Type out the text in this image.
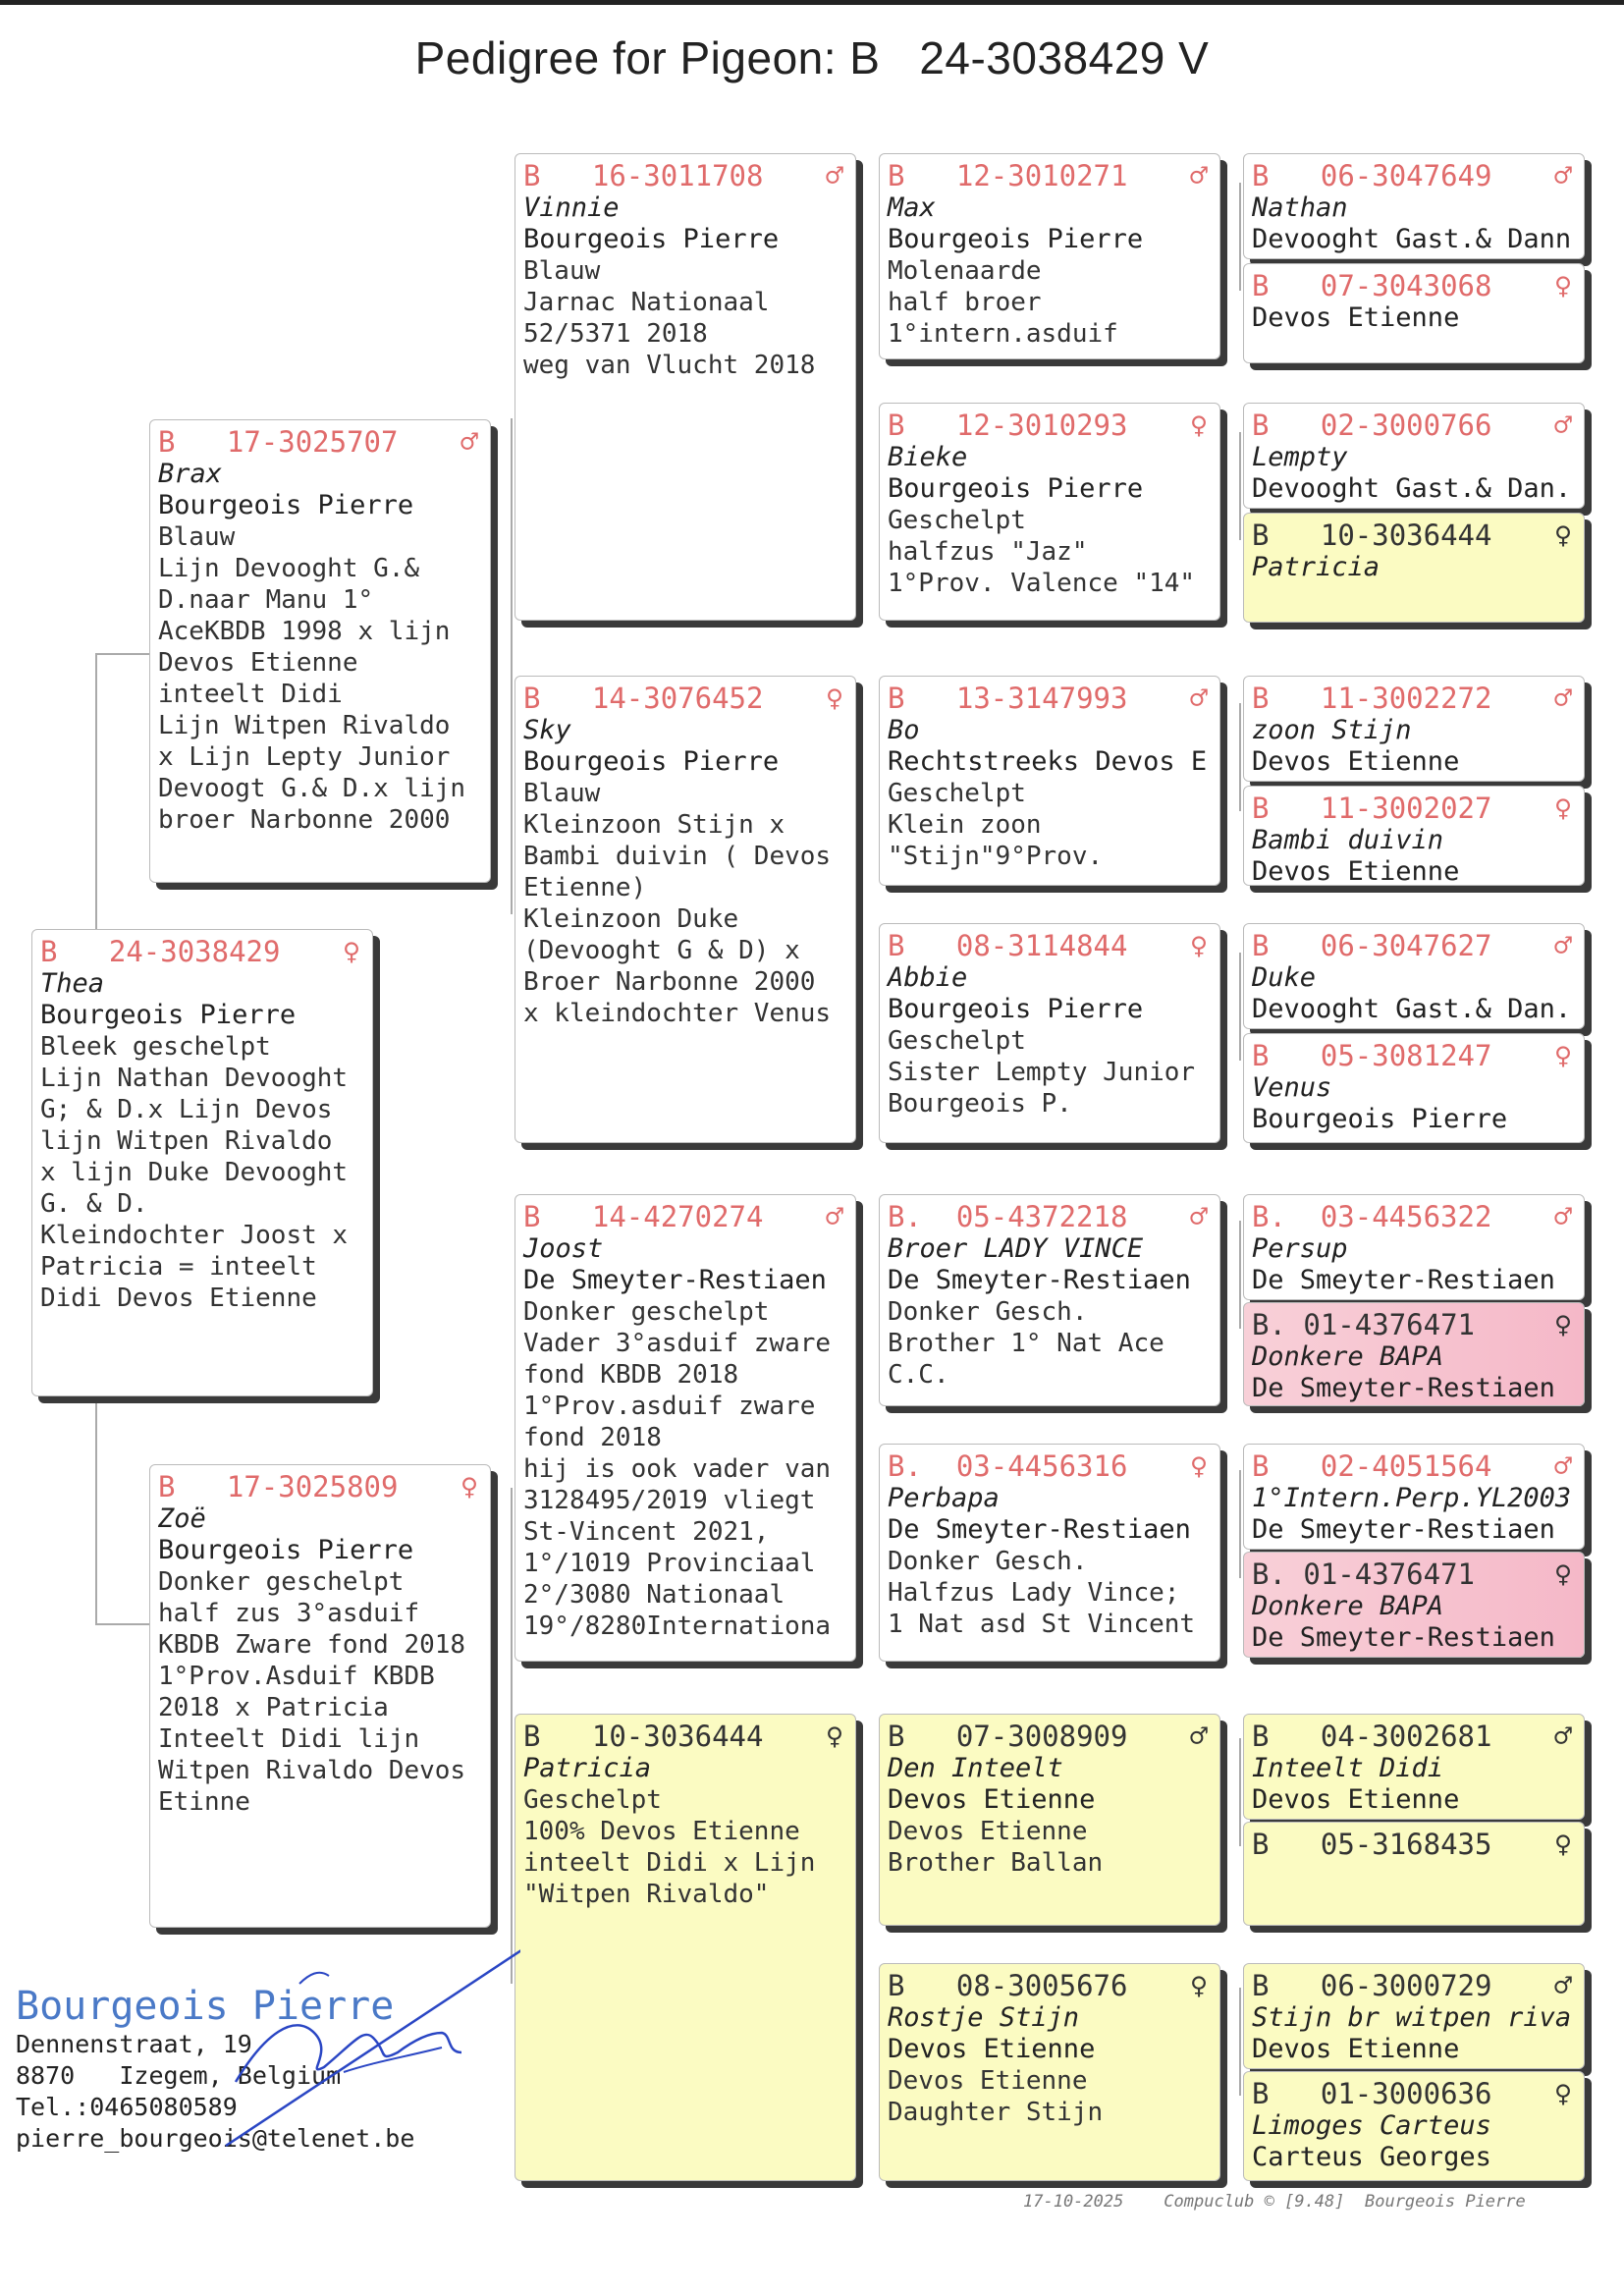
Pedigree for Pigeon: B   24-3038429 V
B 24-3038429 ♀
Thea
Bourgeois Pierre
Bleek geschelpt
Lijn Nathan Devooght
G; & D.x Lijn Devos
lijn Witpen Rivaldo
x lijn Duke Devooght
G. & D.
Kleindochter Joost x
Patricia = inteelt
Didi Devos Etienne
B 17-3025707 ♂
Brax
Bourgeois Pierre
Blauw
Lijn Devooght G.&
D.naar Manu 1°
AceKBDB 1998 x lijn
Devos Etienne
inteelt Didi
Lijn Witpen Rivaldo
x Lijn Lepty Junior
Devoogt G.& D.x lijn
broer Narbonne 2000
B 17-3025809 ♀
Zoë
Bourgeois Pierre
Donker geschelpt
half zus 3°asduif
KBDB Zware fond 2018
1°Prov.Asduif KBDB
2018 x Patricia
Inteelt Didi lijn
Witpen Rivaldo Devos
Etinne
B 16-3011708 ♂
Vinnie
Bourgeois Pierre
Blauw
Jarnac Nationaal
52/5371 2018
weg van Vlucht 2018
B 14-3076452 ♀
Sky
Bourgeois Pierre
Blauw
Kleinzoon Stijn x
Bambi duivin ( Devos
Etienne)
Kleinzoon Duke
(Devooght G & D) x
Broer Narbonne 2000
x kleindochter Venus
B 14-4270274 ♂
Joost
De Smeyter-Restiaen
Donker geschelpt
Vader 3°asduif zware
fond KBDB 2018
1°Prov.asduif zware
fond 2018
hij is ook vader van
3128495/2019 vliegt
St-Vincent 2021,
1°/1019 Provinciaal
2°/3080 Nationaal
19°/8280Internationa
B 10-3036444 ♀
Patricia
Geschelpt
100% Devos Etienne
inteelt Didi x Lijn
"Witpen Rivaldo"
B 12-3010271 ♂
Max
Bourgeois Pierre
Molenaarde
half broer
1°intern.asduif
B 12-3010293 ♀
Bieke
Bourgeois Pierre
Geschelpt
halfzus "Jaz"
1°Prov. Valence "14"
B 13-3147993 ♂
Bo
Rechtstreeks Devos E
Geschelpt
Klein zoon
"Stijn"9°Prov.
B 08-3114844 ♀
Abbie
Bourgeois Pierre
Geschelpt
Sister Lempty Junior
Bourgeois P.
B. 05-4372218 ♂
Broer LADY VINCE
De Smeyter-Restiaen
Donker Gesch.
Brother 1° Nat Ace
C.C.
B. 03-4456316 ♀
Perbapa
De Smeyter-Restiaen
Donker Gesch.
Halfzus Lady Vince;
1 Nat asd St Vincent
B 07-3008909 ♂
Den Inteelt
Devos Etienne
Devos Etienne
Brother Ballan
B 08-3005676 ♀
Rostje Stijn
Devos Etienne
Devos Etienne
Daughter Stijn
B 06-3047649 ♂
Nathan
Devooght Gast.& Dann
B 07-3043068 ♀
Devos Etienne
B 02-3000766 ♂
Lempty
Devooght Gast.& Dan.
B 10-3036444 ♀
Patricia
B 11-3002272 ♂
zoon Stijn
Devos Etienne
B 11-3002027 ♀
Bambi duivin
Devos Etienne
B 06-3047627 ♂
Duke
Devooght Gast.& Dan.
B 05-3081247 ♀
Venus
Bourgeois Pierre
B. 03-4456322 ♂
Persup
De Smeyter-Restiaen
B. 01-4376471	♀
Donkere BAPA
De Smeyter-Restiaen
B 02-4051564 ♂
1°Intern.Perp.YL2003
De Smeyter-Restiaen
B. 01-4376471	♀
Donkere BAPA
De Smeyter-Restiaen
B 04-3002681 ♂
Inteelt Didi
Devos Etienne
B 05-3168435 ♀
B 06-3000729 ♂
Stijn br witpen riva
Devos Etienne
B 01-3000636 ♀
Limoges Carteus
Carteus Georges
Bourgeois Pierre
Dennenstraat, 19
8870   Izegem, Belgium
Tel.:0465080589
pierre_bourgeois@telenet.be
17-10-2025    Compuclub © [9.48]  Bourgeois Pierre
